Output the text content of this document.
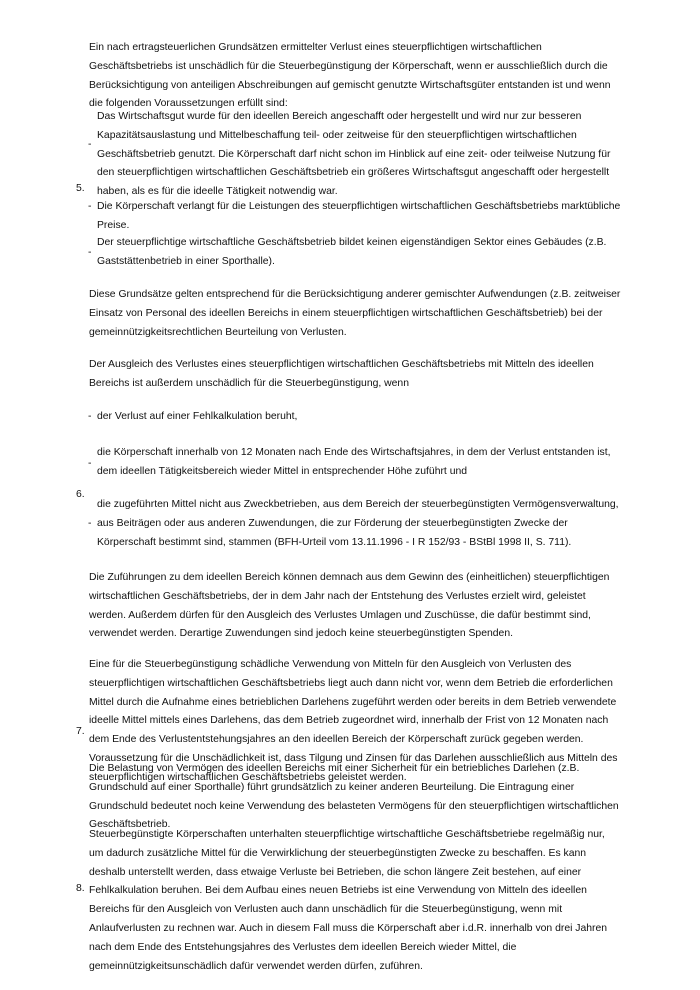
Ein nach ertragsteuerlichen Grundsätzen ermittelter Verlust eines steuerpflichtigen wirtschaftlichen Geschäftsbetriebs ist unschädlich für die Steuerbegünstigung der Körperschaft, wenn er ausschließlich durch die Berücksichtigung von anteiligen Abschreibungen auf gemischt genutzte Wirtschaftsgüter entstanden ist und wenn die folgenden Voraussetzungen erfüllt sind:

5.
-

Das Wirtschaftsgut wurde für den ideellen Bereich angeschafft oder hergestellt und wird nur zur besseren Kapazitätsauslastung und Mittelbeschaffung teil- oder zeitweise für den steuerpflichtigen wirtschaftlichen Geschäftsbetrieb genutzt. Die Körperschaft darf nicht schon im Hinblick auf eine zeit- oder teilweise Nutzung für den steuerpflichtigen wirtschaftlichen Geschäftsbetrieb ein größeres Wirtschaftsgut angeschafft oder hergestellt haben, als es für die ideelle Tätigkeit notwendig war.

- Die Körperschaft verlangt für die Leistungen des steuerpflichtigen wirtschaftlichen Geschäftsbetriebs marktübliche Preise.

-

Der steuerpflichtige wirtschaftliche Geschäftsbetrieb bildet keinen eigenständigen Sektor eines Gebäudes (z.B. Gaststättenbetrieb in einer Sporthalle).

Diese Grundsätze gelten entsprechend für die Berücksichtigung anderer gemischter Aufwendungen (z.B. zeitweiser Einsatz von Personal des ideellen Bereichs in einem steuerpflichtigen wirtschaftlichen Geschäftsbetrieb) bei der gemeinnützigkeitsrechtlichen Beurteilung von Verlusten.

Der Ausgleich des Verlustes eines steuerpflichtigen wirtschaftlichen Geschäftsbetriebs mit Mitteln des ideellen Bereichs ist außerdem unschädlich für die Steuerbegünstigung, wenn

- der Verlust auf einer Fehlkalkulation beruht,

6.
-

die Körperschaft innerhalb von 12 Monaten nach Ende des Wirtschaftsjahres, in dem der Verlust entstanden ist, dem ideellen Tätigkeitsbereich wieder Mittel in entsprechender Höhe zuführt und

-

die zugeführten Mittel nicht aus Zweckbetrieben, aus dem Bereich der steuerbegünstigten Vermögensverwaltung, aus Beiträgen oder aus anderen Zuwendungen, die zur Förderung der steuerbegünstigten Zwecke der Körperschaft bestimmt sind, stammen (BFH-Urteil vom 13.11.1996 - I R 152/93 - BStBl 1998 II, S. 711).

Die Zuführungen zu dem ideellen Bereich können demnach aus dem Gewinn des (einheitlichen) steuerpflichtigen wirtschaftlichen Geschäftsbetriebs, der in dem Jahr nach der Entstehung des Verlustes erzielt wird, geleistet werden. Außerdem dürfen für den Ausgleich des Verlustes Umlagen und Zuschüsse, die dafür bestimmt sind, verwendet werden. Derartige Zuwendungen sind jedoch keine steuerbegünstigten Spenden.

7.

Eine für die Steuerbegünstigung schädliche Verwendung von Mitteln für den Ausgleich von Verlusten des steuerpflichtigen wirtschaftlichen Geschäftsbetriebs liegt auch dann nicht vor, wenn dem Betrieb die erforderlichen Mittel durch die Aufnahme eines betrieblichen Darlehens zugeführt werden oder bereits in dem Betrieb verwendete ideelle Mittel mittels eines Darlehens, das dem Betrieb zugeordnet wird, innerhalb der Frist von 12 Monaten nach dem Ende des Verlustentstehungsjahres an den ideellen Bereich der Körperschaft zurück gegeben werden. Voraussetzung für die Unschädlichkeit ist, dass Tilgung und Zinsen für das Darlehen ausschließlich aus Mitteln des steuerpflichtigen wirtschaftlichen Geschäftsbetriebs geleistet werden.

Die Belastung von Vermögen des ideellen Bereichs mit einer Sicherheit für ein betriebliches Darlehen (z.B. Grundschuld auf einer Sporthalle) führt grundsätzlich zu keiner anderen Beurteilung. Die Eintragung einer Grundschuld bedeutet noch keine Verwendung des belasteten Vermögens für den steuerpflichtigen wirtschaftlichen Geschäftsbetrieb.

8.

Steuerbegünstigte Körperschaften unterhalten steuerpflichtige wirtschaftliche Geschäftsbetriebe regelmäßig nur, um dadurch zusätzliche Mittel für die Verwirklichung der steuerbegünstigten Zwecke zu beschaffen. Es kann deshalb unterstellt werden, dass etwaige Verluste bei Betrieben, die schon längere Zeit bestehen, auf einer Fehlkalkulation beruhen. Bei dem Aufbau eines neuen Betriebs ist eine Verwendung von Mitteln des ideellen Bereichs für den Ausgleich von Verlusten auch dann unschädlich für die Steuerbegünstigung, wenn mit Anlaufverlusten zu rechnen war. Auch in diesem Fall muss die Körperschaft aber i.d.R. innerhalb von drei Jahren nach dem Ende des Entstehungsjahres des Verlustes dem ideellen Bereich wieder Mittel, die gemeinnützigkeitsunschädlich dafür verwendet werden dürfen, zuführen.
